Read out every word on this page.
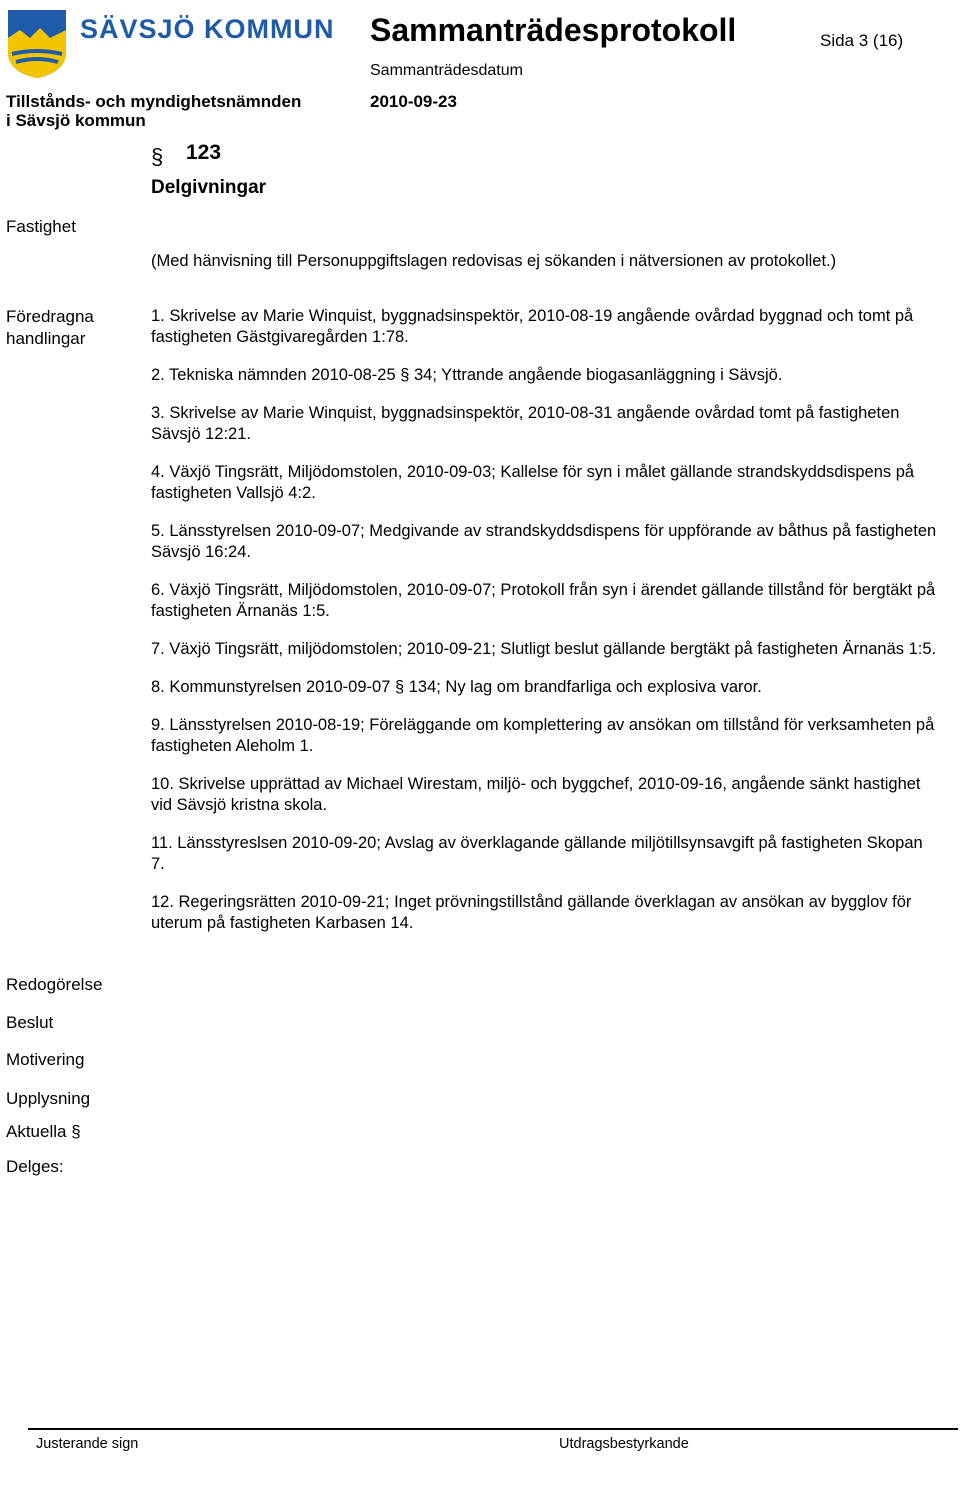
SÄVSJÖ KOMMUN Sammanträdesprotokoll	Sida 3 (16)
Sammanträdesdatum
2010-09-23
Tillstånds- och myndighetsnämnden
i Sävsjö kommun
§ 123
Delgivningar
Fastighet
Föredragna
handlingar
Redogörelse
Beslut
Motivering
Upplysning
Aktuella §
Delges:
(Med hänvisning till Personuppgiftslagen redovisas ej sökanden i nätversionen av protokollet.)
1. Skrivelse av Marie Winquist, byggnadsinspektör, 2010-08-19 angående ovårdad byggnad och tomt på fastigheten Gästgivaregården 1:78.
2. Tekniska nämnden 2010-08-25 § 34; Yttrande angående biogasanläggning i Sävsjö.
3. Skrivelse av Marie Winquist, byggnadsinspektör, 2010-08-31 angående ovårdad tomt på fastigheten Sävsjö 12:21.
4. Växjö Tingsrätt, Miljödomstolen, 2010-09-03; Kallelse för syn i målet gällande strandskyddsdispens på fastigheten Vallsjö 4:2.
5. Länsstyrelsen 2010-09-07; Medgivande av strandskyddsdispens för uppförande av båthus på fastigheten Sävsjö 16:24.
6. Växjö Tingsrätt, Miljödomstolen, 2010-09-07; Protokoll från syn i ärendet gällande tillstånd för bergtäkt på fastigheten Ärnanäs 1:5.
7. Växjö Tingsrätt, miljödomstolen; 2010-09-21; Slutligt beslut gällande bergtäkt på fastigheten Ärnanäs 1:5.
8. Kommunstyrelsen 2010-09-07 § 134; Ny lag om brandfarliga och explosiva varor.
9. Länsstyrelsen 2010-08-19; Föreläggande om komplettering av ansökan om tillstånd för verksamheten på fastigheten Aleholm 1.
10. Skrivelse upprättad av Michael Wirestam, miljö- och byggchef, 2010-09-16, angående sänkt hastighet vid Sävsjö kristna skola.
11. Länsstyreslsen 2010-09-20; Avslag av överklagande gällande miljötillsynsavgift på fastigheten Skopan 7.
12. Regeringsrätten 2010-09-21; Inget prövningstillstånd gällande överklagan av ansökan av bygglov för uterum på fastigheten Karbasen 14.
Justerande sign	Utdragsbestyrkande
